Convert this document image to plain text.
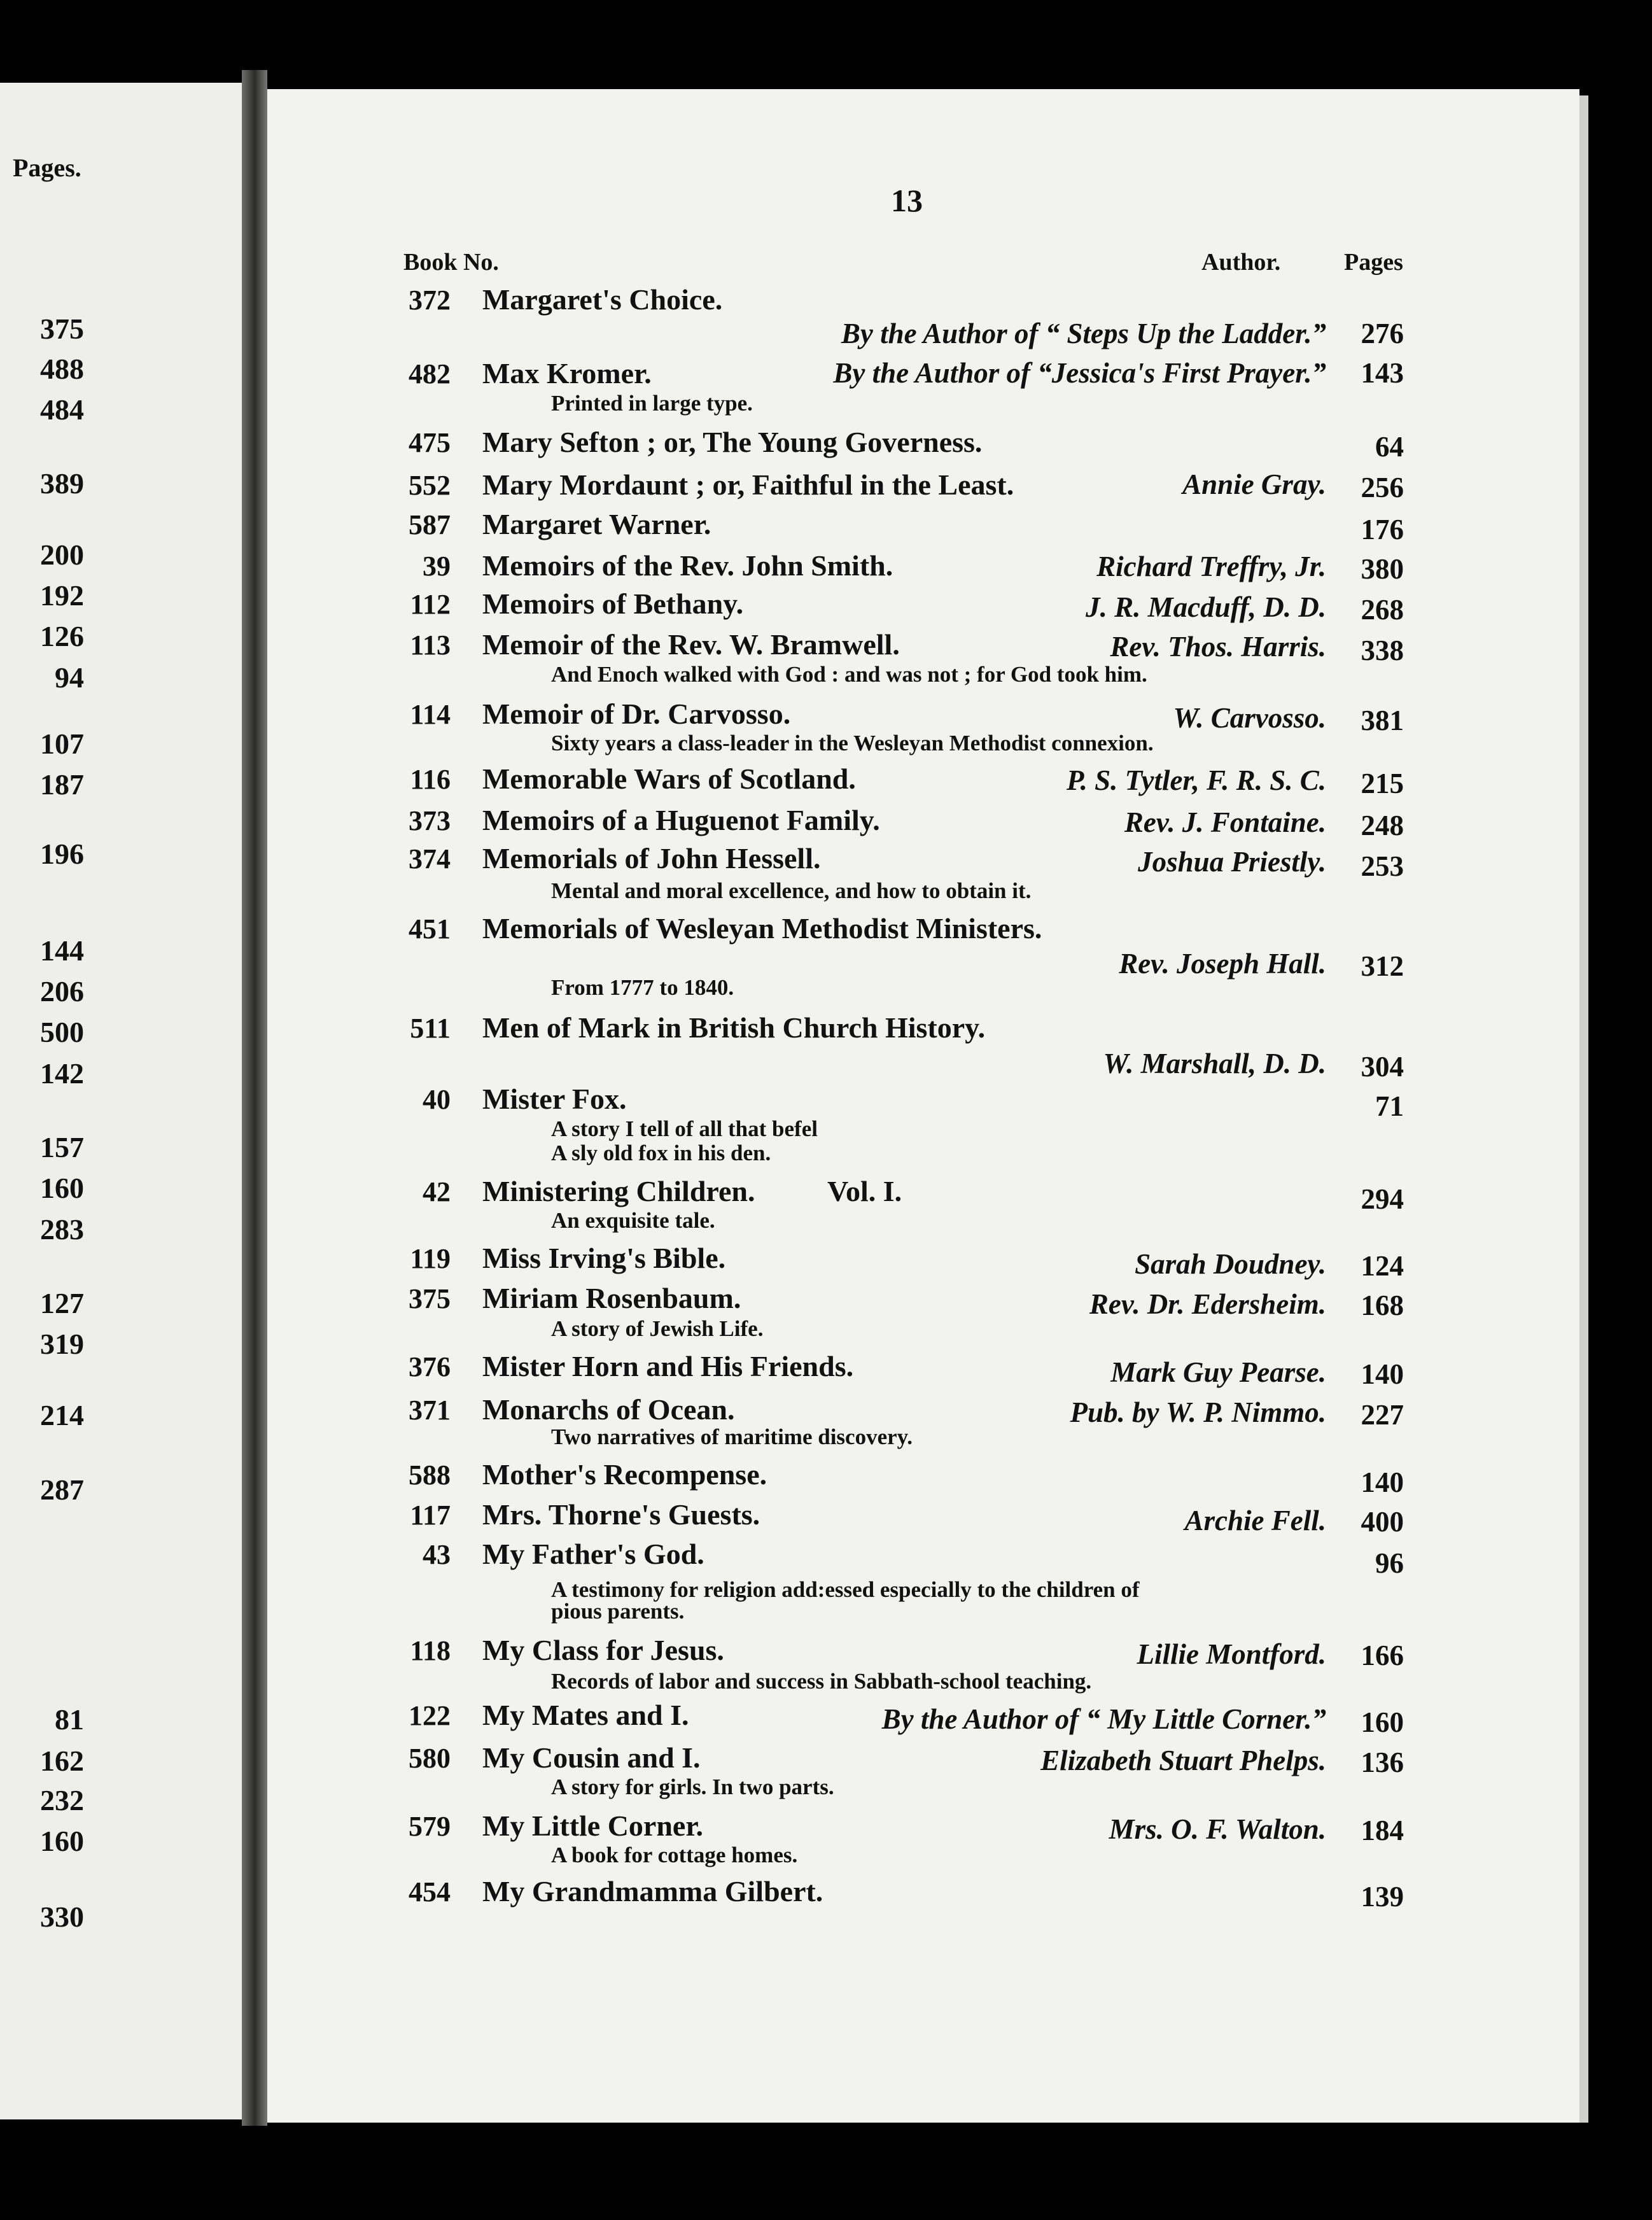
Pages.
375
488
484
389
200
192
126
94
107
187
196
144
206
500
142
157
160
283
127
319
214
287
81
162
232
160
330
13
Book No.	Author.	Pages
372 Margaret's Choice.
By the Author of “ Steps Up the Ladder.”	276
482 Max Kromer.	By the Author of “Jessica's First Prayer.”	143
Printed in large type.
475 Mary Sefton ; or, The Young Governess.	64
552 Mary Mordaunt ; or, Faithful in the Least.	Annie Gray.	256
587 Margaret Warner.	176
39 Memoirs of the Rev. John Smith.	Richard Treffry, Jr.	380
112 Memoirs of Bethany.	J. R. Macduff, D. D.	268
113 Memoir of the Rev. W. Bramwell.	Rev. Thos. Harris.	338
And Enoch walked with God : and was not ; for God took him.
114 Memoir of Dr. Carvosso.	W. Carvosso.	381
Sixty years a class-leader in the Wesleyan Methodist connexion.
116 Memorable Wars of Scotland.	P. S. Tytler, F. R. S. C.	215
373 Memoirs of a Huguenot Family.	Rev. J. Fontaine.	248
374 Memorials of John Hessell.	Joshua Priestly.	253
Mental and moral excellence, and how to obtain it.
451 Memorials of Wesleyan Methodist Ministers.
Rev. Joseph Hall.	312
From 1777 to 1840.
511 Men of Mark in British Church History.
W. Marshall, D. D.	304
40 Mister Fox.	71
A story I tell of all that befel
A sly old fox in his den.
42 Ministering Children. Vol. I.	294
An exquisite tale.
119 Miss Irving's Bible.	Sarah Doudney.	124
375 Miriam Rosenbaum.	Rev. Dr. Edersheim.	168
A story of Jewish Life.
376 Mister Horn and His Friends.	Mark Guy Pearse.	140
371 Monarchs of Ocean.	Pub. by W. P. Nimmo.	227
Two narratives of maritime discovery.
588 Mother's Recompense.	140
117 Mrs. Thorne's Guests.	Archie Fell.	400
43 My Father's God.	96
A testimony for religion add:essed especially to the children of
pious parents.
118 My Class for Jesus.	Lillie Montford.	166
Records of labor and success in Sabbath-school teaching.
122 My Mates and I.	By the Author of “ My Little Corner.”	160
580 My Cousin and I.	Elizabeth Stuart Phelps.	136
A story for girls. In two parts.
579 My Little Corner.	Mrs. O. F. Walton.	184
A book for cottage homes.
454 My Grandmamma Gilbert.	139
